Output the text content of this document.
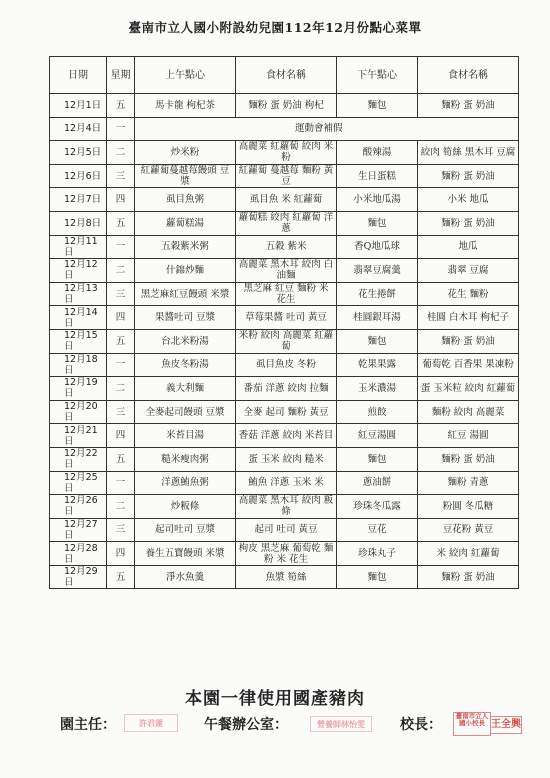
臺南市立人國小附設幼兒園112年12月份點心菜單
日期	星期	上午點心	食材名稱	下午點心	食材名稱
12月1日	五	馬卡龍 枸杞茶	麵粉 蛋 奶油 枸杞	麵包	麵粉 蛋 奶油
12月4日	一	運動會補假			
12月5日	二	炒米粉	高麗菜 紅蘿蔔 絞肉 米粉	酸辣湯	絞肉 筍絲 黑木耳 豆腐
12月6日	三	紅蘿蔔蔓越莓饅頭 豆漿	紅蘿蔔 蔓越莓 麵粉 黃豆	生日蛋糕	麵粉 蛋 奶油
12月7日	四	虱目魚粥	虱目魚 米 紅蘿蔔	小米地瓜湯	小米 地瓜
12月8日	五	蘿蔔糕湯	蘿蔔糕 絞肉 紅蘿蔔 洋蔥	麵包	麵粉 蛋 奶油
12月11日	一	五穀紫米粥	五穀 紫米	香Q地瓜球	地瓜
12月12日	二	什錦炒麵	高麗菜 黑木耳 絞肉 白油麵	翡翠豆腐羹	翡翠 豆腐
12月13日	三	黑芝麻紅豆饅頭 米漿	黑芝麻 紅豆 麵粉 米 花生	花生捲餅	花生 麵粉
12月14日	四	果醬吐司 豆漿	草莓果醬 吐司 黃豆	桂圓銀耳湯	桂圓 白木耳 枸杞子
12月15日	五	台北米粉湯	米粉 絞肉 高麗菜 紅蘿蔔	麵包	麵粉 蛋 奶油
12月18日	一	魚皮冬粉湯	虱目魚皮 冬粉	乾果果露	葡萄乾 百香果 果凍粉
12月19日	二	義大利麵	番茄 洋蔥 絞肉 拉麵	玉米濃湯	蛋 玉米粒 絞肉 紅蘿蔔
12月20日	三	全麥起司饅頭 豆漿	全麥 起司 麵粉 黃豆	煎餃	麵粉 絞肉 高麗菜
12月21日	四	米苔目湯	香菇 洋蔥 絞肉 米苔目	紅豆湯圓	紅豆 湯圓
12月22日	五	糙米瘦肉粥	蛋 玉米 絞肉 糙米	麵包	麵粉 蛋 奶油
12月25日	一	洋蔥鮪魚粥	鮪魚 洋蔥 玉米 米	蔥油餅	麵粉 青蔥
12月26日	二	炒粄條	高麗菜 黑木耳 絞肉 粄條	珍珠冬瓜露	粉圓 冬瓜糖
12月27日	三	起司吐司 豆漿	起司 吐司 黃豆	豆花	豆花粉 黃豆
12月28日	四	養生五寶饅頭 米漿	枸皮 黑芝麻 葡萄乾 麵粉 米 花生	珍珠丸子	米 絞肉 紅蘿蔔
12月29日	五	淨水魚羹	魚漿 筍絲	麵包	麵粉 蛋 奶油
本園一律使用國產豬肉
園主任：	許君蓮	午餐辦公室：	營養師林怡雯	校長：
臺南市立人國小校長 王全興
